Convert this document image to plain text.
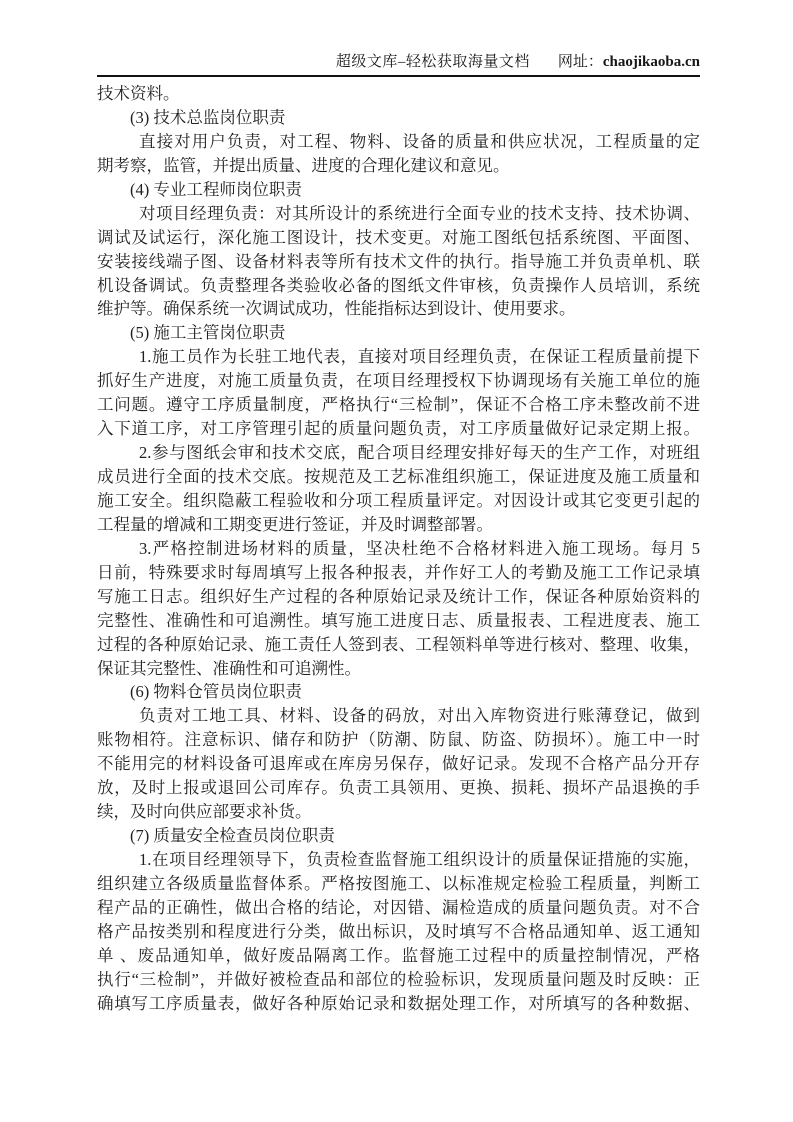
超级文库–轻松获取海量文档 网址：chaojikaoba.cn
技术资料。
(3) 技术总监岗位职责
直接对用户负责，对工程、物料、设备的质量和供应状况，工程质量的定
期考察，监管，并提出质量、进度的合理化建议和意见。
(4) 专业工程师岗位职责
对项目经理负责：对其所设计的系统进行全面专业的技术支持、技术协调、
调试及试运行，深化施工图设计，技术变更。对施工图纸包括系统图、平面图、
安装接线端子图、设备材料表等所有技术文件的执行。指导施工并负责单机、联
机设备调试。负责整理各类验收必备的图纸文件审核，负责操作人员培训，系统
维护等。确保系统一次调试成功，性能指标达到设计、使用要求。
(5) 施工主管岗位职责
1.施工员作为长驻工地代表，直接对项目经理负责，在保证工程质量前提下
抓好生产进度，对施工质量负责，在项目经理授权下协调现场有关施工单位的施
工问题。遵守工序质量制度，严格执行“三检制”，保证不合格工序未整改前不进
入下道工序，对工序管理引起的质量问题负责，对工序质量做好记录定期上报。
2.参与图纸会审和技术交底，配合项目经理安排好每天的生产工作，对班组
成员进行全面的技术交底。按规范及工艺标准组织施工，保证进度及施工质量和
施工安全。组织隐蔽工程验收和分项工程质量评定。对因设计或其它变更引起的
工程量的增减和工期变更进行签证，并及时调整部署。
3.严格控制进场材料的质量，坚决杜绝不合格材料进入施工现场。每月 5
日前，特殊要求时每周填写上报各种报表，并作好工人的考勤及施工工作记录填
写施工日志。组织好生产过程的各种原始记录及统计工作，保证各种原始资料的
完整性、准确性和可追溯性。填写施工进度日志、质量报表、工程进度表、施工
过程的各种原始记录、施工责任人签到表、工程领料单等进行核对、整理、收集，
保证其完整性、准确性和可追溯性。
(6) 物料仓管员岗位职责
负责对工地工具、材料、设备的码放，对出入库物资进行账薄登记，做到
账物相符。注意标识、储存和防护（防潮、防鼠、防盗、防损坏）。施工中一时
不能用完的材料设备可退库或在库房另保存，做好记录。发现不合格产品分开存
放，及时上报或退回公司库存。负责工具领用、更换、损耗、损坏产品退换的手
续，及时向供应部要求补货。
(7) 质量安全检查员岗位职责
1.在项目经理领导下，负责检查监督施工组织设计的质量保证措施的实施，
组织建立各级质量监督体系。严格按图施工、以标准规定检验工程质量，判断工
程产品的正确性，做出合格的结论，对因错、漏检造成的质量问题负责。对不合
格产品按类别和程度进行分类，做出标识，及时填写不合格品通知单、返工通知
单 、废品通知单，做好废品隔离工作。监督施工过程中的质量控制情况，严格
执行“三检制”，并做好被检查品和部位的检验标识，发现质量问题及时反映：正
确填写工序质量表，做好各种原始记录和数据处理工作，对所填写的各种数据、
